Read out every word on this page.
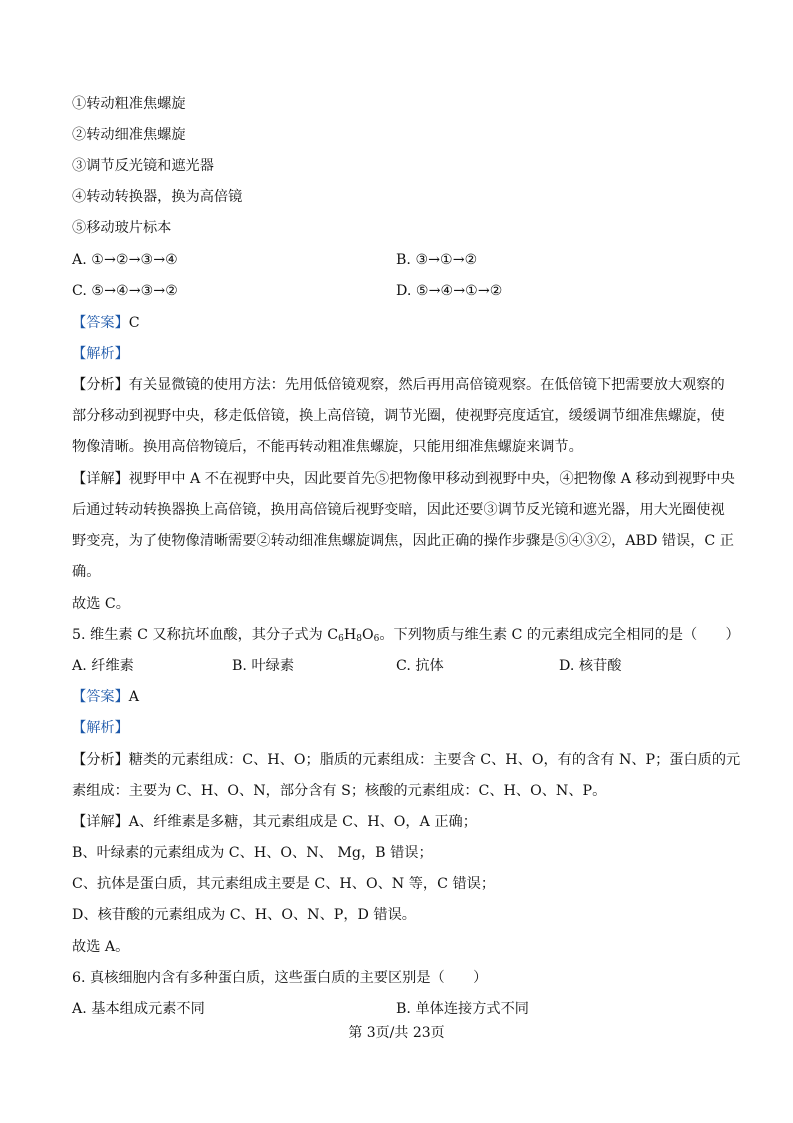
①转动粗准焦螺旋
②转动细准焦螺旋
③调节反光镜和遮光器
④转动转换器，换为高倍镜
⑤移动玻片标本
A. ①→②→③→④	B. ③→①→②
C. ⑤→④→③→②	D. ⑤→④→①→②
【答案】C
【解析】
【分析】有关显微镜的使用方法：先用低倍镜观察，然后再用高倍镜观察。在低倍镜下把需要放大观察的
部分移动到视野中央，移走低倍镜，换上高倍镜，调节光圈，使视野亮度适宜，缓缓调节细准焦螺旋，使
物像清晰。换用高倍物镜后，不能再转动粗准焦螺旋，只能用细准焦螺旋来调节。
【详解】视野甲中 A 不在视野中央，因此要首先⑤把物像甲移动到视野中央，④把物像 A 移动到视野中央
后通过转动转换器换上高倍镜，换用高倍镜后视野变暗，因此还要③调节反光镜和遮光器，用大光圈使视
野变亮，为了使物像清晰需要②转动细准焦螺旋调焦，因此正确的操作步骤是⑤④③②，ABD 错误，C 正
确。
故选 C。
5. 维生素 C 又称抗坏血酸，其分子式为 $C_6H_8O_6$。下列物质与维生素 C 的元素组成完全相同的是（　　）
A. 纤维素	B. 叶绿素	C. 抗体	D. 核苷酸
【答案】A
【解析】
【分析】糖类的元素组成：C、H、O；脂质的元素组成：主要含 C、H、O，有的含有 N、P；蛋白质的元
素组成：主要为 C、H、O、N，部分含有 S；核酸的元素组成：C、H、O、N、P。
【详解】A、纤维素是多糖，其元素组成是 C、H、O，A 正确；
B、叶绿素的元素组成为 C、H、O、N、 Mg，B 错误；
C、抗体是蛋白质，其元素组成主要是 C、H、O、N 等，C 错误；
D、核苷酸的元素组成为 C、H、O、N、P，D 错误。
故选 A。
6. 真核细胞内含有多种蛋白质，这些蛋白质的主要区别是（　　）
A. 基本组成元素不同	B. 单体连接方式不同
第 3页/共 23页
